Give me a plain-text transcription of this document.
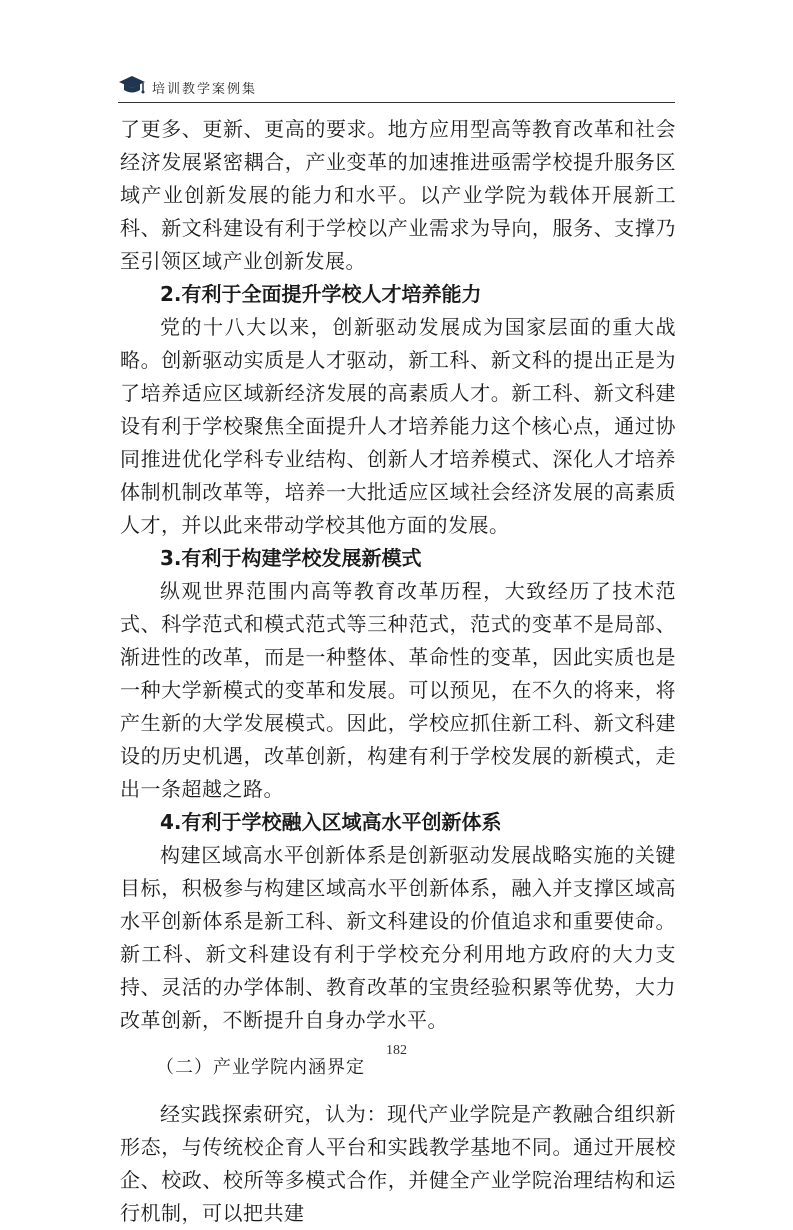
培训教学案例集

了更多、更新、更高的要求。地方应用型高等教育改革和社会经济发展紧密耦合，产业变革的加速推进亟需学校提升服务区域产业创新发展的能力和水平。以产业学院为载体开展新工科、新文科建设有利于学校以产业需求为导向，服务、支撑乃至引领区域产业创新发展。

2.有利于全面提升学校人才培养能力

党的十八大以来，创新驱动发展成为国家层面的重大战略。创新驱动实质是人才驱动，新工科、新文科的提出正是为了培养适应区域新经济发展的高素质人才。新工科、新文科建设有利于学校聚焦全面提升人才培养能力这个核心点，通过协同推进优化学科专业结构、创新人才培养模式、深化人才培养体制机制改革等，培养一大批适应区域社会经济发展的高素质人才，并以此来带动学校其他方面的发展。

3.有利于构建学校发展新模式

纵观世界范围内高等教育改革历程，大致经历了技术范式、科学范式和模式范式等三种范式，范式的变革不是局部、渐进性的改革，而是一种整体、革命性的变革，因此实质也是一种大学新模式的变革和发展。可以预见，在不久的将来，将产生新的大学发展模式。因此，学校应抓住新工科、新文科建设的历史机遇，改革创新，构建有利于学校发展的新模式，走出一条超越之路。

4.有利于学校融入区域高水平创新体系

构建区域高水平创新体系是创新驱动发展战略实施的关键目标，积极参与构建区域高水平创新体系，融入并支撑区域高水平创新体系是新工科、新文科建设的价值追求和重要使命。新工科、新文科建设有利于学校充分利用地方政府的大力支持、灵活的办学体制、教育改革的宝贵经验积累等优势，大力改革创新，不断提升自身办学水平。

（二）产业学院内涵界定

经实践探索研究，认为：现代产业学院是产教融合组织新形态，与传统校企育人平台和实践教学基地不同。通过开展校企、校政、校所等多模式合作，并健全产业学院治理结构和运行机制，可以把共建

182
